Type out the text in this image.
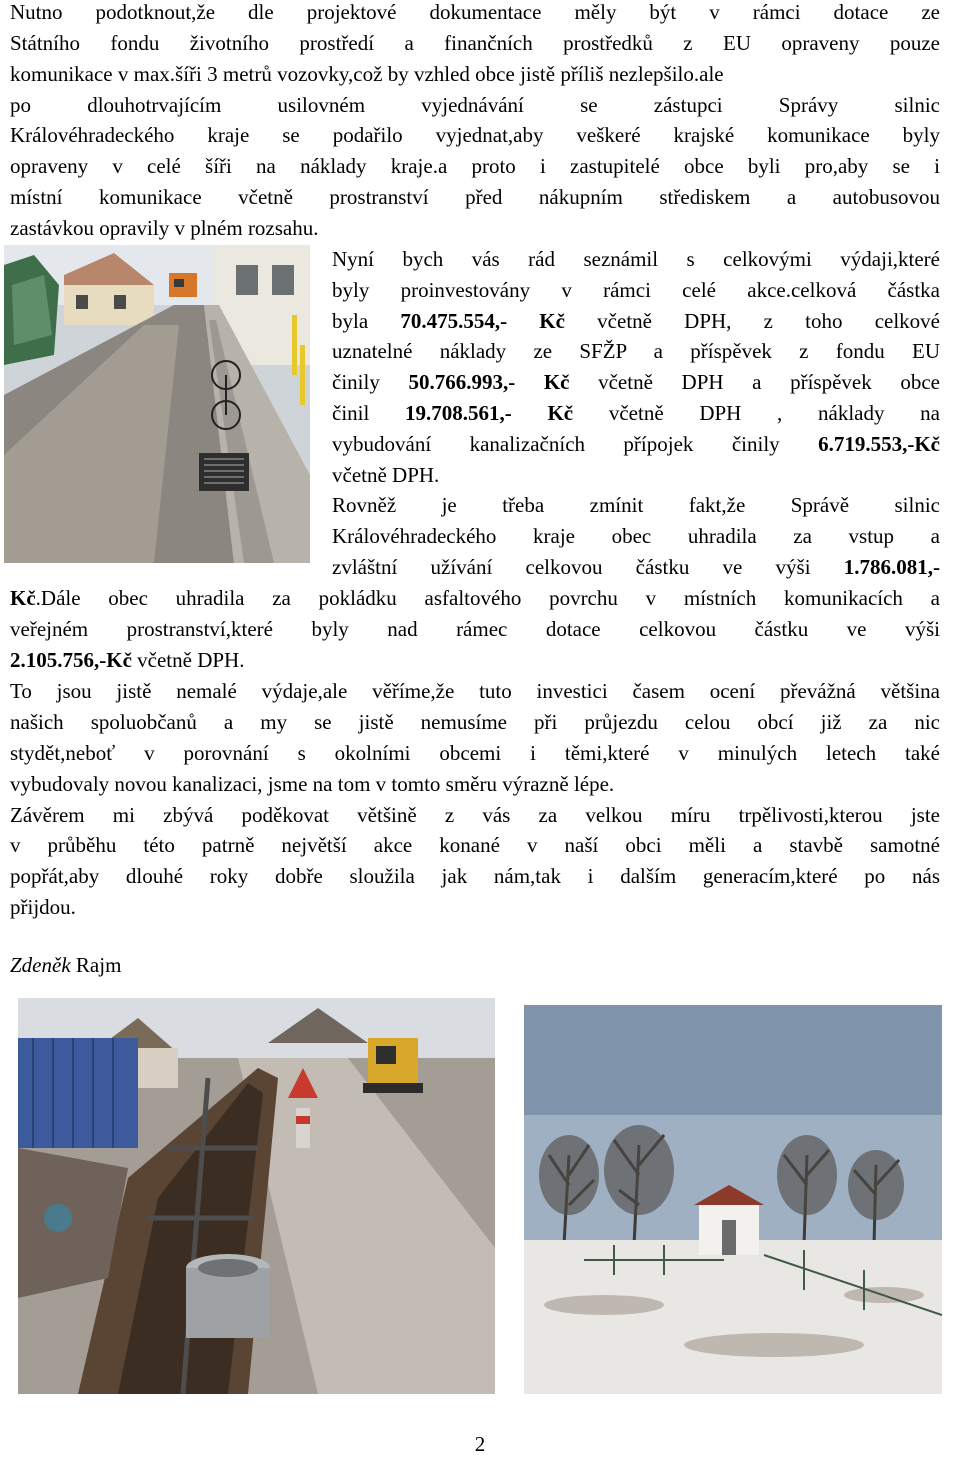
Nutno podotknout,že dle projektové dokumentace měly být v rámci dotace ze
Státního fondu životního prostředí a finančních prostředků z EU opraveny pouze
komunikace v max.šíři 3 metrů vozovky,což by vzhled obce jistě příliš nezlepšilo.ale
po dlouhotrvajícím usilovném vyjednávání se zástupci Správy silnic
Královéhradeckého kraje se podařilo vyjednat,aby veškeré krajské komunikace byly
opraveny v celé šíři na náklady kraje.a proto i zastupitelé obce byli pro,aby se i
místní komunikace včetně prostranství před nákupním střediskem a autobusovou
zastávkou opravily v plném rozsahu.
Nyní bych vás rád seznámil s celkovými výdaji,které
byly proinvestovány v rámci celé akce.celková částka
byla 70.475.554,- Kč včetně DPH, z toho celkové
uznatelné náklady ze SFŽP a příspěvek z fondu EU
činily 50.766.993,- Kč včetně DPH a příspěvek obce
činil 19.708.561,- Kč včetně DPH , náklady na
vybudování kanalizačních přípojek činily 6.719.553,-Kč
včetně DPH.
Rovněž je třeba zmínit fakt,že Správě silnic
Královéhradeckého kraje obec uhradila za vstup a
zvláštní užívání celkovou částku ve výši 1.786.081,-
Kč.Dále obec uhradila za pokládku asfaltového povrchu v místních komunikacích a
veřejném prostranství,které byly nad rámec dotace celkovou částku ve výši
2.105.756,-Kč včetně DPH.
To jsou jistě nemalé výdaje,ale věříme,že tuto investici časem ocení převážná většina
našich spoluobčanů a my se jistě nemusíme při průjezdu celou obcí již za nic
stydět,neboť v porovnání s okolními obcemi i těmi,které v minulých letech také
vybudovaly novou kanalizaci, jsme na tom v tomto směru výrazně lépe.
Závěrem mi zbývá poděkovat většině z vás za velkou míru trpělivosti,kterou jste
v průběhu této patrně největší akce konané v naší obci měli a stavbě samotné
popřát,aby dlouhé roky dobře sloužila jak nám,tak i dalším generacím,které po nás
přijdou.
Zdeněk Rajm
2
